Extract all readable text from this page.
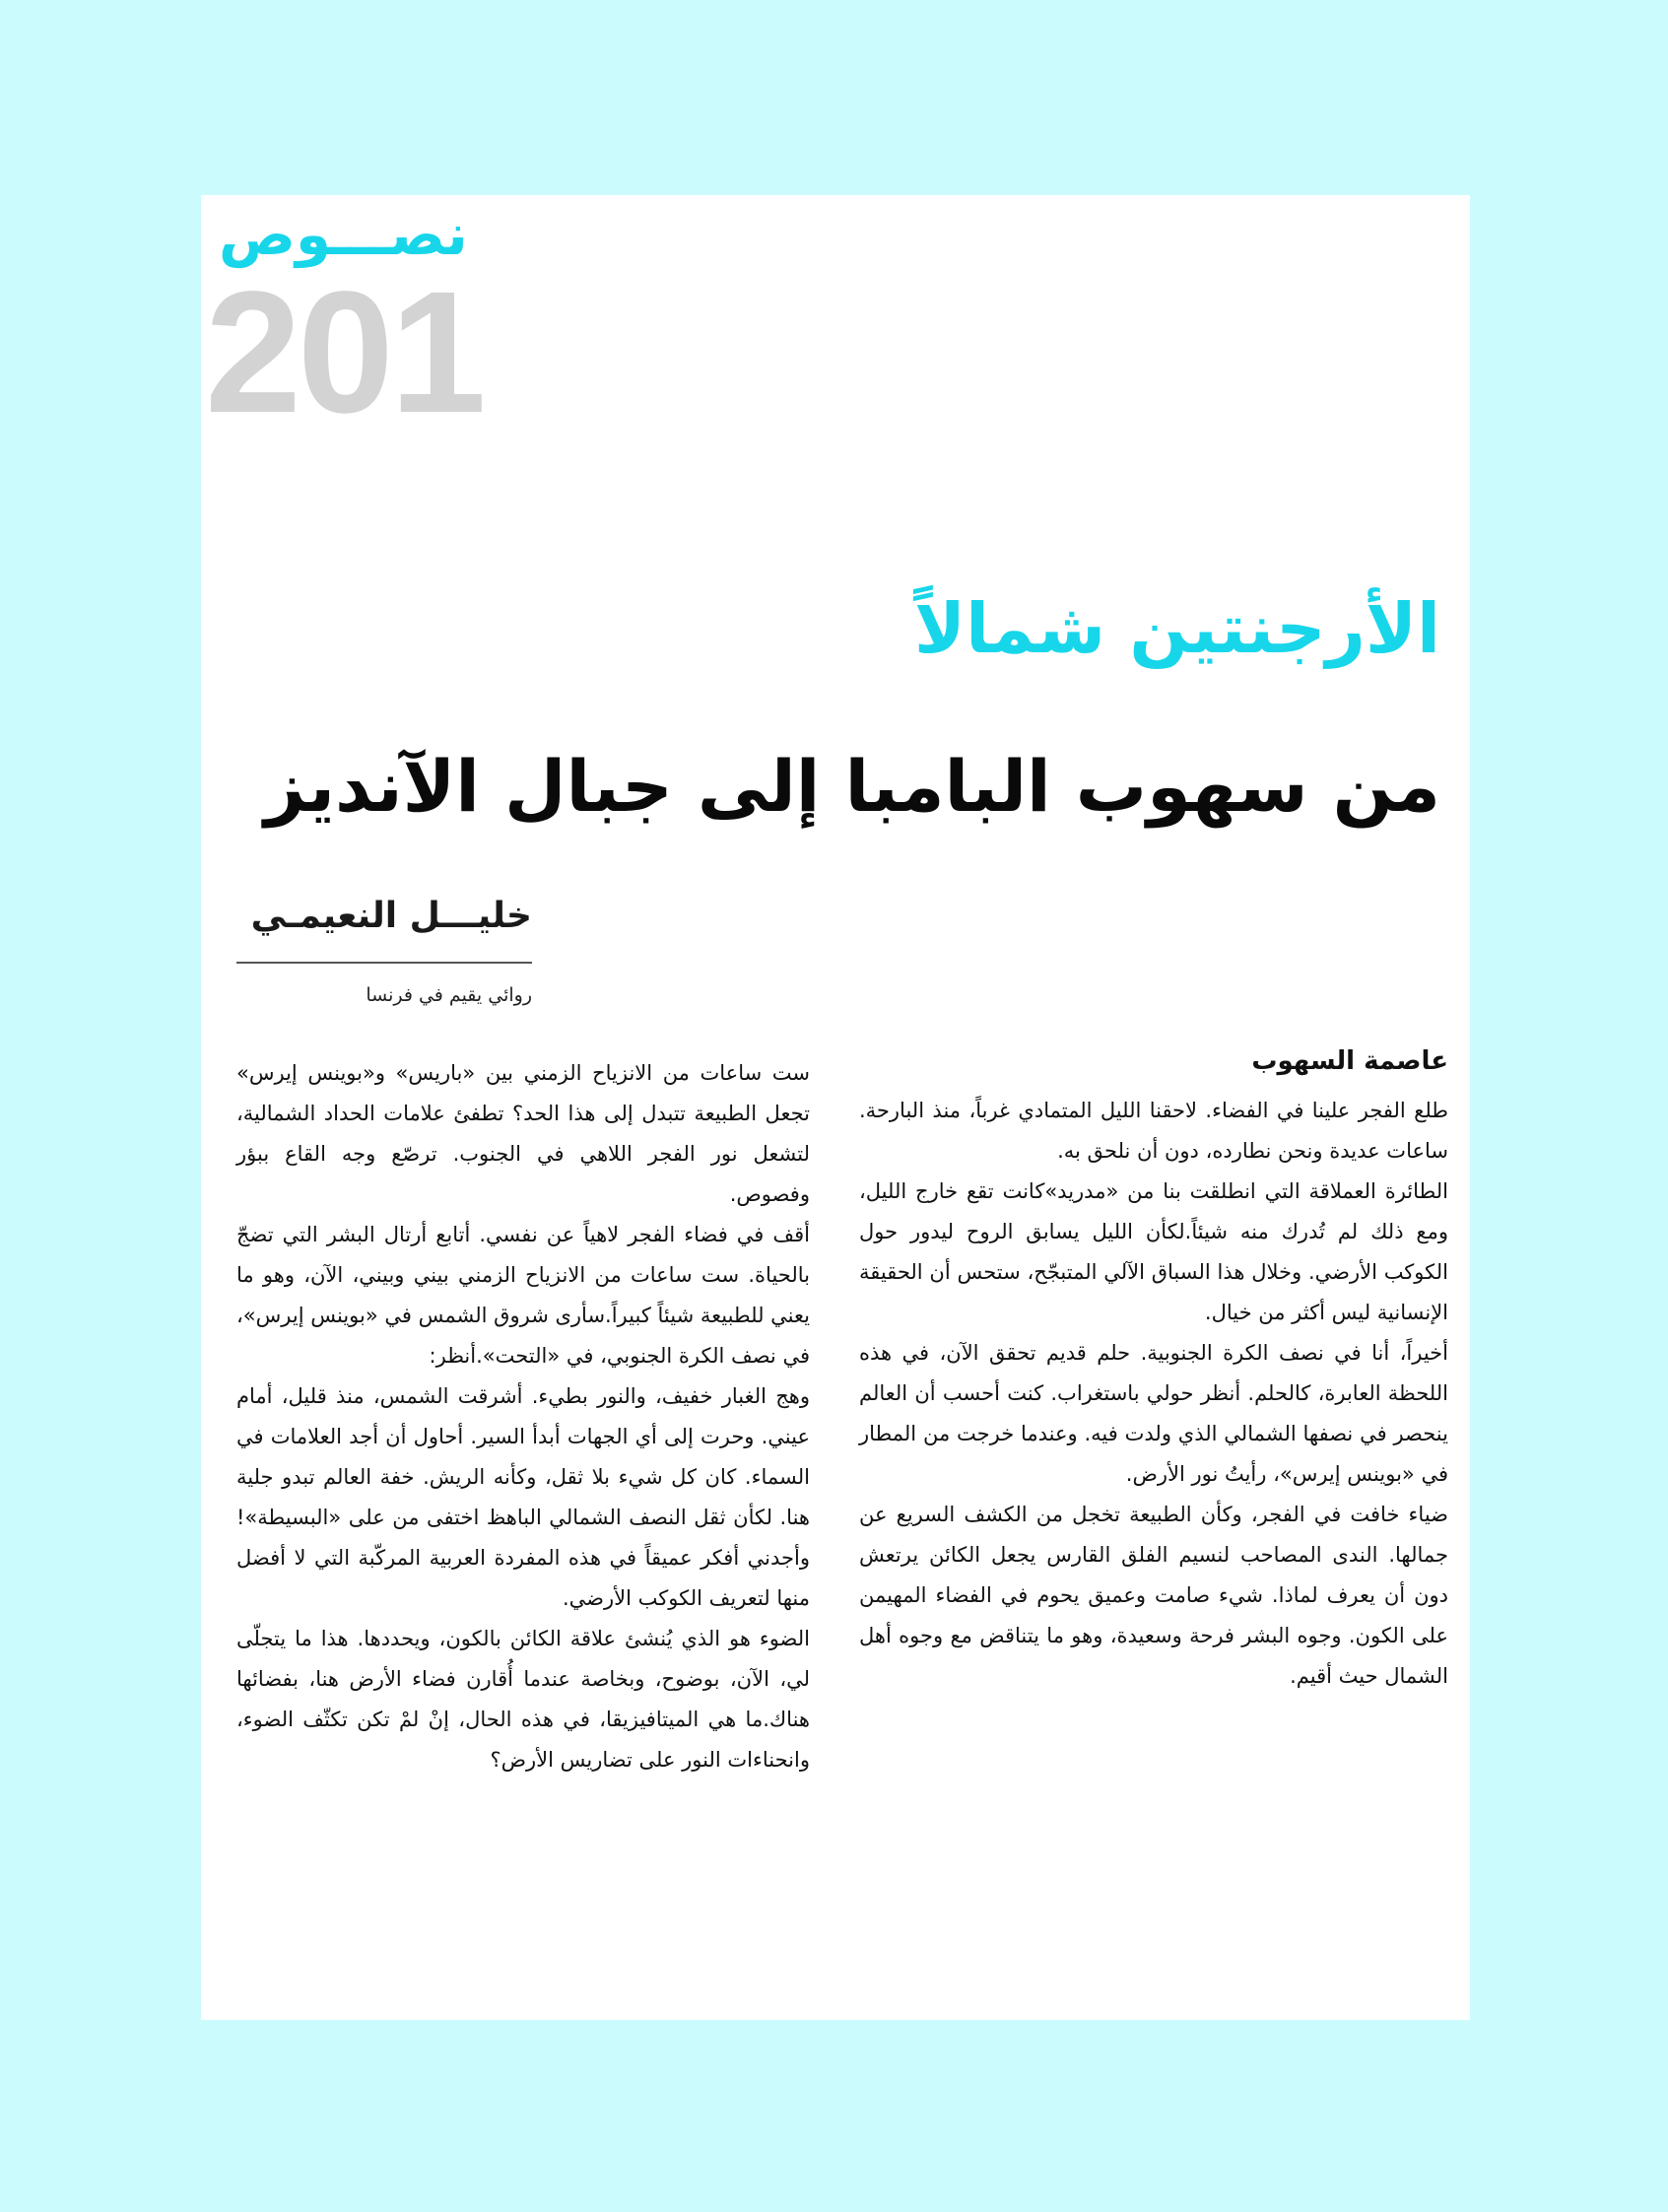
نصـــوص
201
الأرجنتين شمالاً
من سهوب البامبا إلى جبال الآنديز
خليـــل النعيمـي
روائي يقيم في فرنسا
عاصمة السهوب

طلع الفجر علينا في الفضاء. لاحقنا الليل المتمادي غرباً، منذ البارحة. ساعات عديدة ونحن نطارده، دون أن نلحق به.

الطائرة العملاقة التي انطلقت بنا من «مدريد»كانت تقع خارج الليل، ومع ذلك لم تُدرك منه شيئاً.لكأن الليل يسابق الروح ليدور حول الكوكب الأرضي. وخلال هذا السباق الآلي المتبجّح، ستحس أن الحقيقة الإنسانية ليس أكثر من خيال.

أخيراً، أنا في نصف الكرة الجنوبية. حلم قديم تحقق الآن، في هذه اللحظة العابرة، كالحلم. أنظر حولي باستغراب. كنت أحسب أن العالم ينحصر في نصفها الشمالي الذي ولدت فيه. وعندما خرجت من المطار في «بوينس إيرس»، رأيتُ نور الأرض.

ضياء خافت في الفجر، وكأن الطبيعة تخجل من الكشف السريع عن جمالها. الندى المصاحب لنسيم الفلق القارس يجعل الكائن يرتعش دون أن يعرف لماذا. شيء صامت وعميق يحوم في الفضاء المهيمن على الكون. وجوه البشر فرحة وسعيدة، وهو ما يتناقض مع وجوه أهل الشمال حيث أقيم.

ست ساعات من الانزياح الزمني بين «باريس» و«بوينس إيرس» تجعل الطبيعة تتبدل إلى هذا الحد؟ تطفئ علامات الحداد الشمالية، لتشعل نور الفجر اللاهي في الجنوب. ترصّع وجه القاع ببؤر وفصوص.

أقف في فضاء الفجر لاهياً عن نفسي. أتابع أرتال البشر التي تضجّ بالحياة. ست ساعات من الانزياح الزمني بيني وبيني، الآن، وهو ما يعني للطبيعة شيئاً كبيراً.سأرى شروق الشمس في «بوينس إيرس»، في نصف الكرة الجنوبي، في «التحت».أنظر:

وهج الغبار خفيف، والنور بطيء. أشرقت الشمس، منذ قليل، أمام عيني. وحرت إلى أي الجهات أبدأ السير. أحاول أن أجد العلامات في السماء. كان كل شيء بلا ثقل، وكأنه الريش. خفة العالم تبدو جلية هنا. لكأن ثقل النصف الشمالي الباهظ اختفى من على «البسيطة»! وأجدني أفكر عميقاً في هذه المفردة العربية المركّبة التي لا أفضل منها لتعريف الكوكب الأرضي.

الضوء هو الذي يُنشئ علاقة الكائن بالكون، ويحددها. هذا ما يتجلّى لي، الآن، بوضوح، وبخاصة عندما أُقارن فضاء الأرض هنا، بفضائها هناك.ما هي الميتافيزيقا، في هذه الحال، إنْ لمْ تكن تكثّف الضوء، وانحناءات النور على تضاريس الأرض؟
